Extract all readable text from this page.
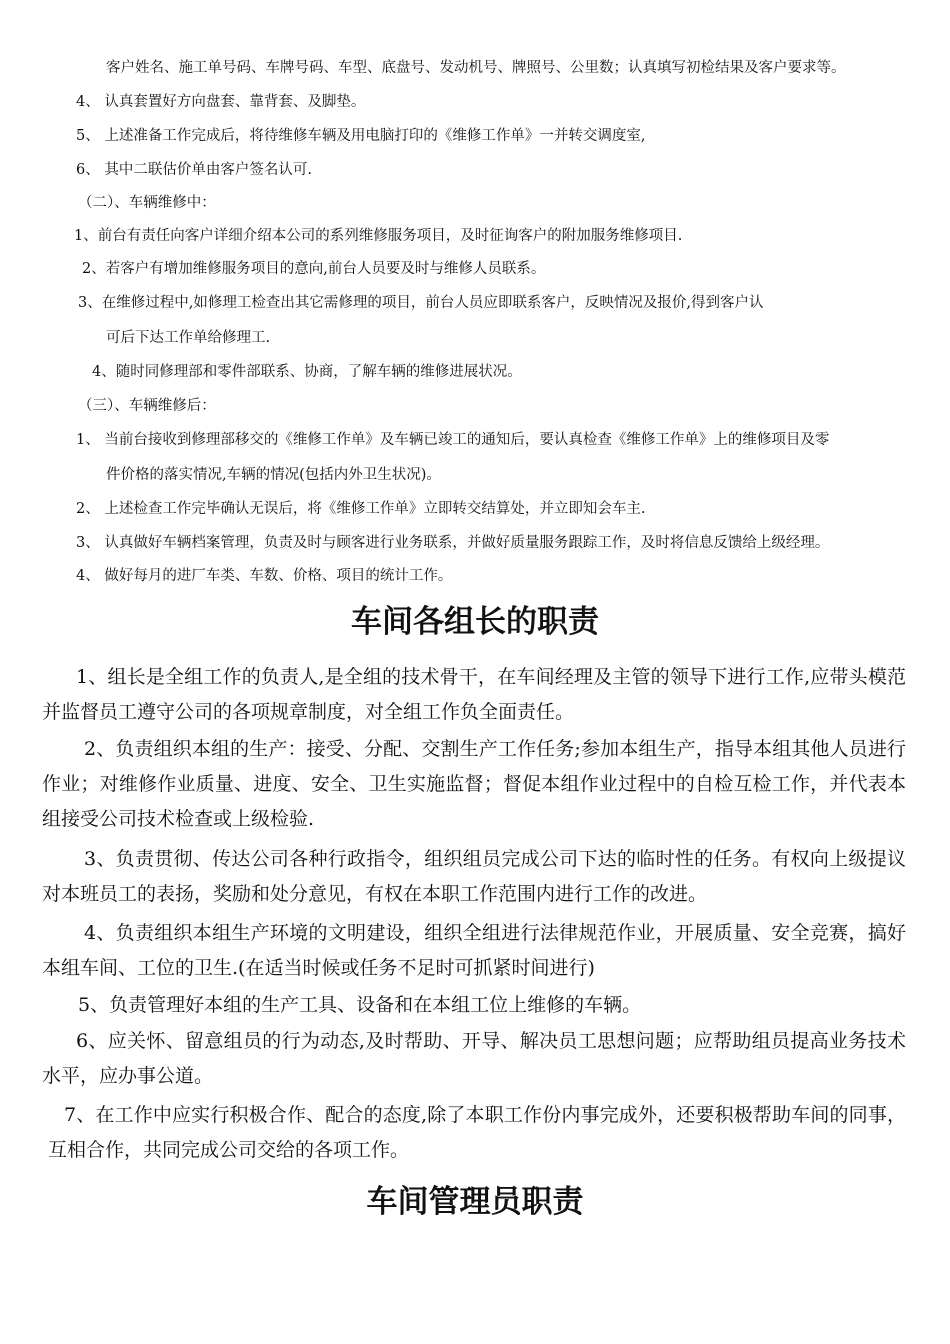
客户姓名、施工单号码、车牌号码、车型、底盘号、发动机号、牌照号、公里数；认真填写初检结果及客户要求等。
4、 认真套置好方向盘套、靠背套、及脚垫。
5、 上述准备工作完成后，将待维修车辆及用电脑打印的《维修工作单》一并转交调度室,
6、 其中二联估价单由客户签名认可.
（二）、车辆维修中：
1、前台有责任向客户详细介绍本公司的系列维修服务项目，及时征询客户的附加服务维修项目.
2、若客户有增加维修服务项目的意向,前台人员要及时与维修人员联系。
3、在维修过程中,如修理工检查出其它需修理的项目，前台人员应即联系客户，反映情况及报价,得到客户认
可后下达工作单给修理工.
4、随时同修理部和零件部联系、协商，了解车辆的维修进展状况。
（三）、车辆维修后：
1、 当前台接收到修理部移交的《维修工作单》及车辆已竣工的通知后，要认真检查《维修工作单》上的维修项目及零
件价格的落实情况,车辆的情况(包括内外卫生状况)。
2、 上述检查工作完毕确认无误后，将《维修工作单》立即转交结算处，并立即知会车主.
3、 认真做好车辆档案管理，负责及时与顾客进行业务联系，并做好质量服务跟踪工作，及时将信息反馈给上级经理。
4、 做好每月的进厂车类、车数、价格、项目的统计工作。
车间各组长的职责
1、组长是全组工作的负责人,是全组的技术骨干，在车间经理及主管的领导下进行工作,应带头模范并监督员工遵守公司的各项规章制度，对全组工作负全面责任。
2、负责组织本组的生产：接受、分配、交割生产工作任务;参加本组生产，指导本组其他人员进行作业；对维修作业质量、进度、安全、卫生实施监督；督促本组作业过程中的自检互检工作，并代表本组接受公司技术检查或上级检验.
3、负责贯彻、传达公司各种行政指令，组织组员完成公司下达的临时性的任务。有权向上级提议对本班员工的表扬，奖励和处分意见，有权在本职工作范围内进行工作的改进。
4、负责组织本组生产环境的文明建设，组织全组进行法律规范作业，开展质量、安全竞赛，搞好本组车间、工位的卫生.(在适当时候或任务不足时可抓紧时间进行)
5、负责管理好本组的生产工具、设备和在本组工位上维修的车辆。
6、应关怀、留意组员的行为动态,及时帮助、开导、解决员工思想问题；应帮助组员提高业务技术水平，应办事公道。
7、在工作中应实行积极合作、配合的态度,除了本职工作份内事完成外，还要积极帮助车间的同事，互相合作，共同完成公司交给的各项工作。
车间管理员职责
